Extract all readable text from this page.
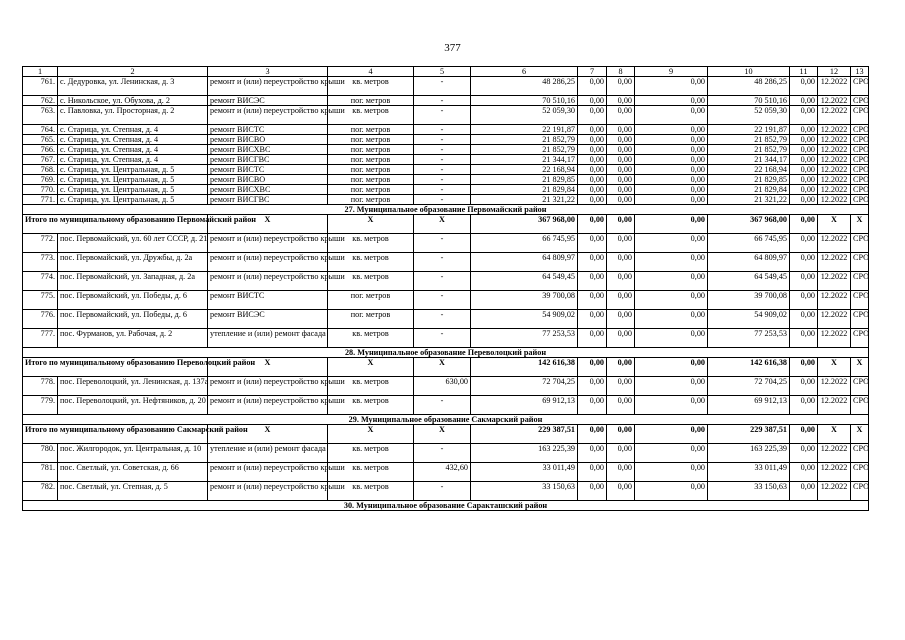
377
1	2	3	4	5	6	7	8	9	10	11	12	13
761.	с. Дедуровка, ул. Ленинская, д. 3	ремонт и (или) переустройство крыши	кв. метров	-	48 286,25	0,00	0,00	0,00	48 286,25	0,00	12.2022	СРО
762.	с. Никольское, ул. Обухова, д. 2	ремонт ВИСЭС	пог. метров	-	70 510,16	0,00	0,00	0,00	70 510,16	0,00	12.2022	СРО
763.	с. Павловка, ул. Просторная, д. 2	ремонт и (или) переустройство крыши	кв. метров	-	52 059,30	0,00	0,00	0,00	52 059,30	0,00	12.2022	СРО
764.	с. Старица, ул. Степная, д. 4	ремонт ВИСТС	пог. метров	-	22 191,87	0,00	0,00	0,00	22 191,87	0,00	12.2022	СРО
765.	с. Старица, ул. Степная, д. 4	ремонт ВИСВО	пог. метров	-	21 852,79	0,00	0,00	0,00	21 852,79	0,00	12.2022	СРО
766.	с. Старица, ул. Степная, д. 4	ремонт ВИСХВС	пог. метров	-	21 852,79	0,00	0,00	0,00	21 852,79	0,00	12.2022	СРО
767.	с. Старица, ул. Степная, д. 4	ремонт ВИСГВС	пог. метров	-	21 344,17	0,00	0,00	0,00	21 344,17	0,00	12.2022	СРО
768.	с. Старица, ул. Центральная, д. 5	ремонт ВИСТС	пог. метров	-	22 168,94	0,00	0,00	0,00	22 168,94	0,00	12.2022	СРО
769.	с. Старица, ул. Центральная, д. 5	ремонт ВИСВО	пог. метров	-	21 829,85	0,00	0,00	0,00	21 829,85	0,00	12.2022	СРО
770.	с. Старица, ул. Центральная, д. 5	ремонт ВИСХВС	пог. метров	-	21 829,84	0,00	0,00	0,00	21 829,84	0,00	12.2022	СРО
771.	с. Старица, ул. Центральная, д. 5	ремонт ВИСГВС	пог. метров	-	21 321,22	0,00	0,00	0,00	21 321,22	0,00	12.2022	СРО
27. Муниципальное образование Первомайский район												
Итого по муниципальному образованию Первомайский район		X	X	X	367 968,00	0,00	0,00	0,00	367 968,00	0,00	X	X
772.	пос. Первомайский, ул. 60 лет СССР, д. 21	ремонт и (или) переустройство крыши	кв. метров	-	66 745,95	0,00	0,00	0,00	66 745,95	0,00	12.2022	СРО
773.	пос. Первомайский, ул. Дружбы, д. 2а	ремонт и (или) переустройство крыши	кв. метров	-	64 809,97	0,00	0,00	0,00	64 809,97	0,00	12.2022	СРО
774.	пос. Первомайский, ул. Западная, д. 2а	ремонт и (или) переустройство крыши	кв. метров	-	64 549,45	0,00	0,00	0,00	64 549,45	0,00	12.2022	СРО
775.	пос. Первомайский, ул. Победы, д. 6	ремонт ВИСТС	пог. метров	-	39 700,08	0,00	0,00	0,00	39 700,08	0,00	12.2022	СРО
776.	пос. Первомайский, ул. Победы, д. 6	ремонт ВИСЭС	пог. метров	-	54 909,02	0,00	0,00	0,00	54 909,02	0,00	12.2022	СРО
777.	пос. Фурманов, ул. Рабочая, д. 2	утепление и (или) ремонт фасада	кв. метров	-	77 253,53	0,00	0,00	0,00	77 253,53	0,00	12.2022	СРО
28. Муниципальное образование Переволоцкий район												
Итого по муниципальному образованию Переволоцкий район		X	X	X	142 616,38	0,00	0,00	0,00	142 616,38	0,00	X	X
778.	пос. Переволоцкий, ул. Ленинская, д. 137а	ремонт и (или) переустройство крыши	кв. метров	630,00	72 704,25	0,00	0,00	0,00	72 704,25	0,00	12.2022	СРО
779.	пос. Переволоцкий, ул. Нефтяников, д. 20	ремонт и (или) переустройство крыши	кв. метров	-	69 912,13	0,00	0,00	0,00	69 912,13	0,00	12.2022	СРО
29. Муниципальное образование Сакмарский район												
Итого по муниципальному образованию Сакмарский район		X	X	X	229 387,51	0,00	0,00	0,00	229 387,51	0,00	X	X
780.	пос. Жилгородок, ул. Центральная, д. 10	утепление и (или) ремонт фасада	кв. метров	-	163 225,39	0,00	0,00	0,00	163 225,39	0,00	12.2022	СРО
781.	пос. Светлый, ул. Советская, д. 66	ремонт и (или) переустройство крыши	кв. метров	432,60	33 011,49	0,00	0,00	0,00	33 011,49	0,00	12.2022	СРО
782.	пос. Светлый, ул. Степная, д. 5	ремонт и (или) переустройство крыши	кв. метров	-	33 150,63	0,00	0,00	0,00	33 150,63	0,00	12.2022	СРО
30. Муниципальное образование Саракташский район												
